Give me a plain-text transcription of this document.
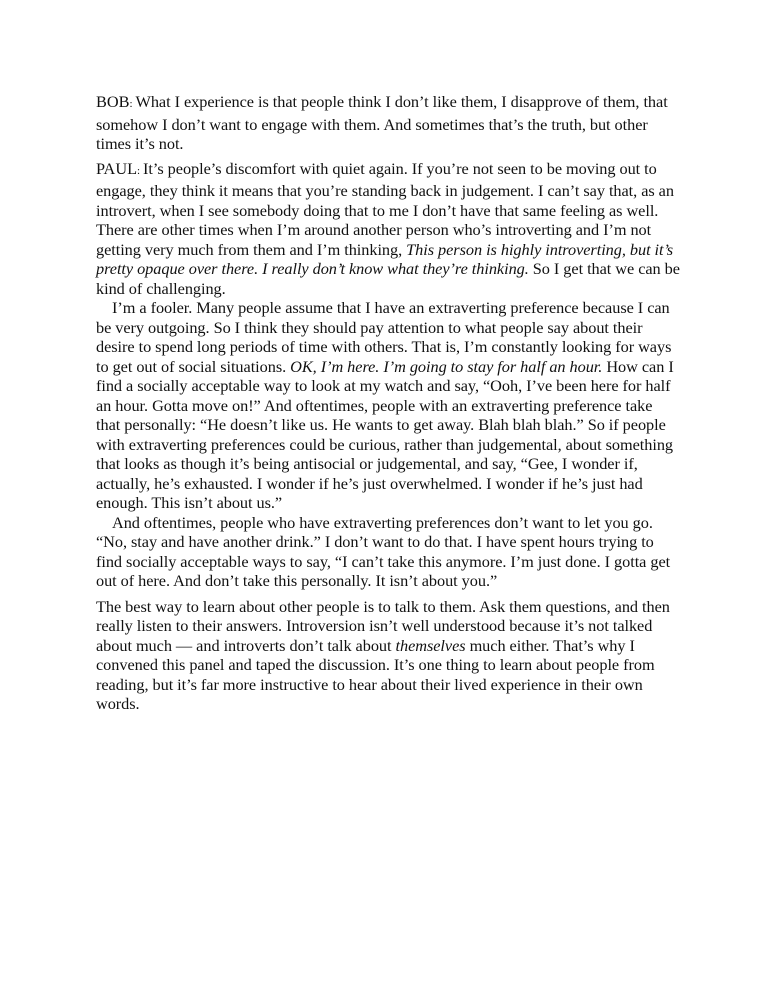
BOB: What I experience is that people think I don’t like them, I disapprove of them, that somehow I don’t want to engage with them. And sometimes that’s the truth, but other times it’s not.

PAUL: It’s people’s discomfort with quiet again. If you’re not seen to be moving out to engage, they think it means that you’re standing back in judgement. I can’t say that, as an introvert, when I see somebody doing that to me I don’t have that same feeling as well. There are other times when I’m around another person who’s introverting and I’m not getting very much from them and I’m thinking, This person is highly introverting, but it’s pretty opaque over there. I really don’t know what they’re thinking. So I get that we can be kind of challenging.

I’m a fooler. Many people assume that I have an extraverting preference because I can be very outgoing. So I think they should pay attention to what people say about their desire to spend long periods of time with others. That is, I’m constantly looking for ways to get out of social situations. OK, I’m here. I’m going to stay for half an hour. How can I find a socially acceptable way to look at my watch and say, “Ooh, I’ve been here for half an hour. Gotta move on!” And oftentimes, people with an extraverting preference take that personally: “He doesn’t like us. He wants to get away. Blah blah blah.” So if people with extraverting preferences could be curious, rather than judgemental, about something that looks as though it’s being antisocial or judgemental, and say, “Gee, I wonder if, actually, he’s exhausted. I wonder if he’s just overwhelmed. I wonder if he’s just had enough. This isn’t about us.”

And oftentimes, people who have extraverting preferences don’t want to let you go. “No, stay and have another drink.” I don’t want to do that. I have spent hours trying to find socially acceptable ways to say, “I can’t take this anymore. I’m just done. I gotta get out of here. And don’t take this personally. It isn’t about you.”

The best way to learn about other people is to talk to them. Ask them questions, and then really listen to their answers. Introversion isn’t well understood because it’s not talked about much — and introverts don’t talk about themselves much either. That’s why I convened this panel and taped the discussion. It’s one thing to learn about people from reading, but it’s far more instructive to hear about their lived experience in their own words.
